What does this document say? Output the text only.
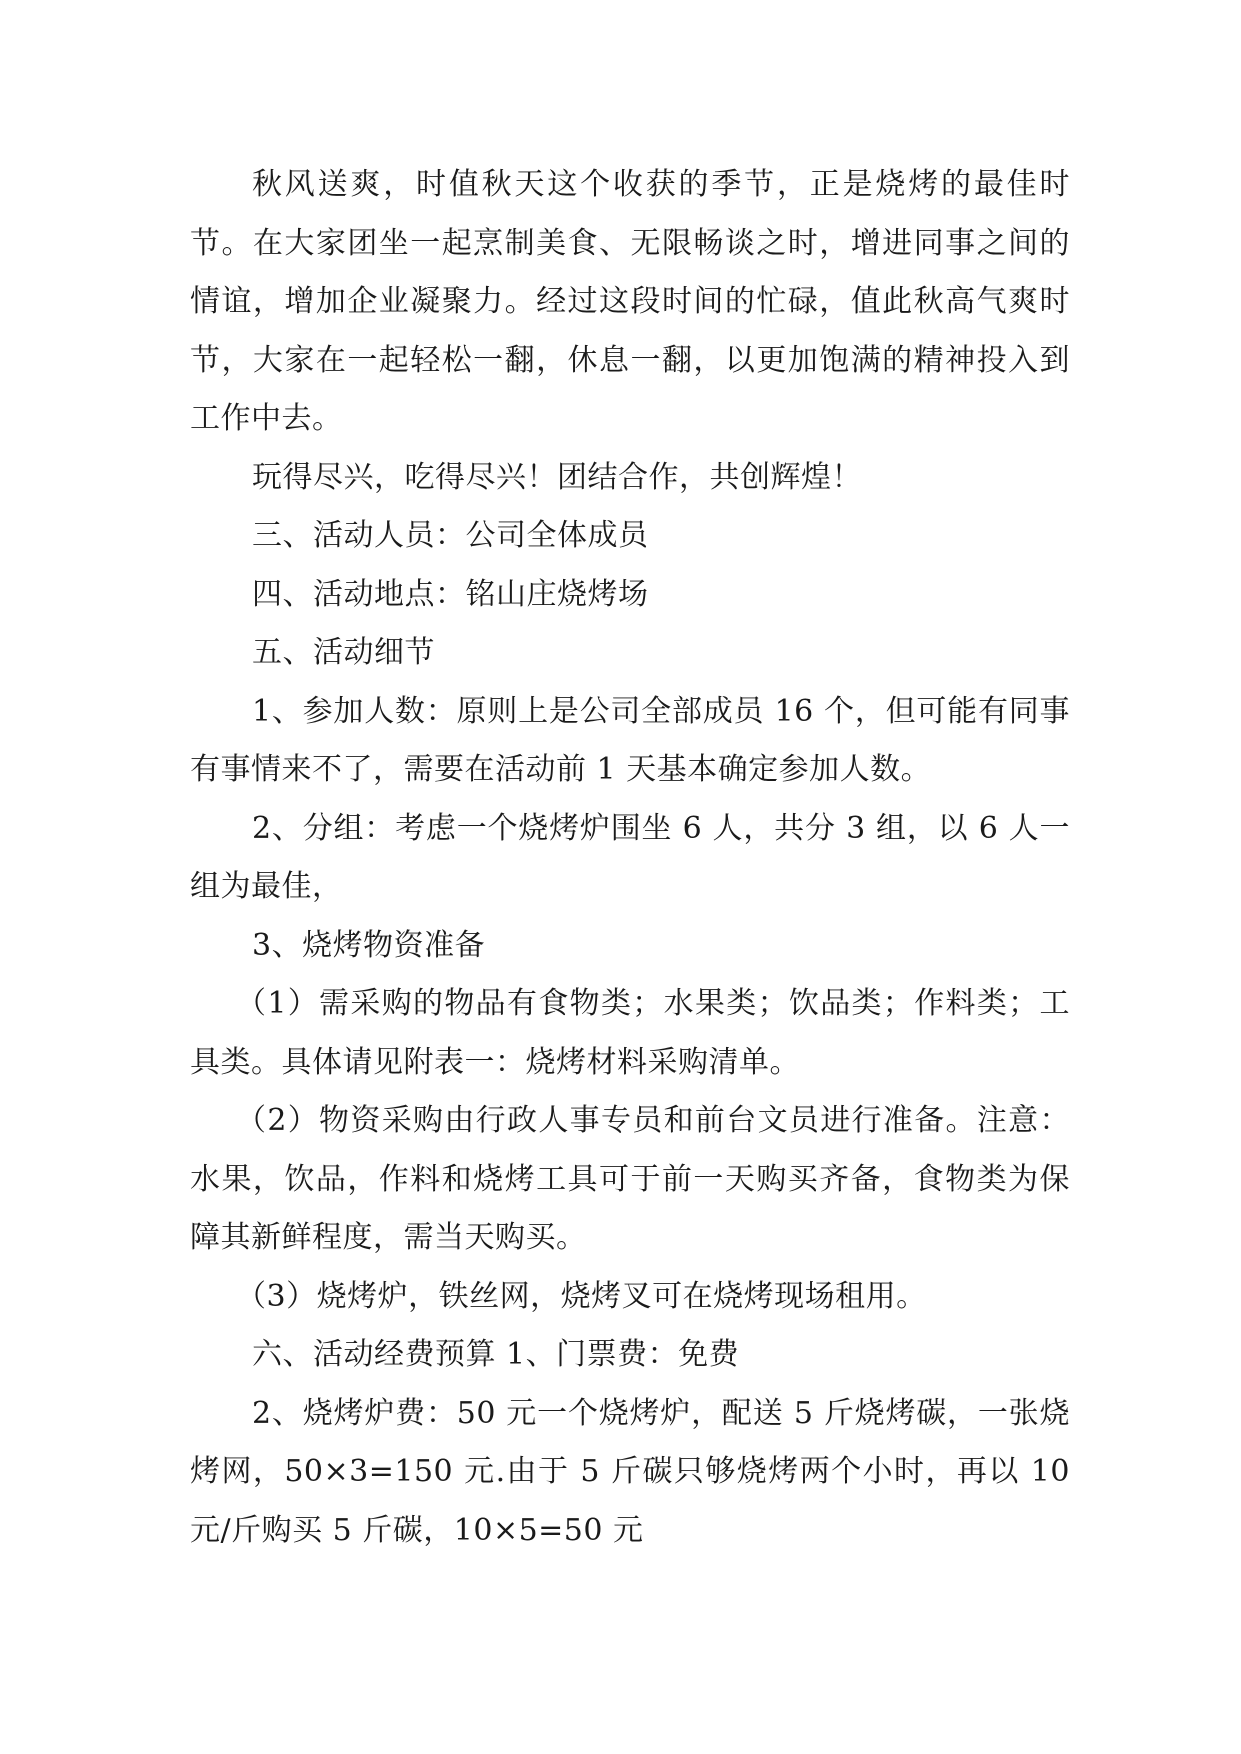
秋风送爽，时值秋天这个收获的季节，正是烧烤的最佳时节。在大家团坐一起烹制美食、无限畅谈之时，增进同事之间的情谊，增加企业凝聚力。经过这段时间的忙碌，值此秋高气爽时节，大家在一起轻松一翻，休息一翻，以更加饱满的精神投入到工作中去。

玩得尽兴，吃得尽兴！团结合作，共创辉煌！

三、活动人员：公司全体成员

四、活动地点：铭山庄烧烤场

五、活动细节

1、参加人数：原则上是公司全部成员 16 个，但可能有同事有事情来不了，需要在活动前 1 天基本确定参加人数。

2、分组：考虑一个烧烤炉围坐 6 人，共分 3 组，以 6 人一组为最佳，

3、烧烤物资准备

（1）需采购的物品有食物类；水果类；饮品类；作料类；工具类。具体请见附表一：烧烤材料采购清单。

（2）物资采购由行政人事专员和前台文员进行准备。注意：水果，饮品，作料和烧烤工具可于前一天购买齐备，食物类为保障其新鲜程度，需当天购买。

（3）烧烤炉，铁丝网，烧烤叉可在烧烤现场租用。

六、活动经费预算 1、门票费：免费

2、烧烤炉费：50 元一个烧烤炉，配送 5 斤烧烤碳，一张烧烤网，50×3=150 元.由于 5 斤碳只够烧烤两个小时，再以 10 元/斤购买 5 斤碳，10×5=50 元
